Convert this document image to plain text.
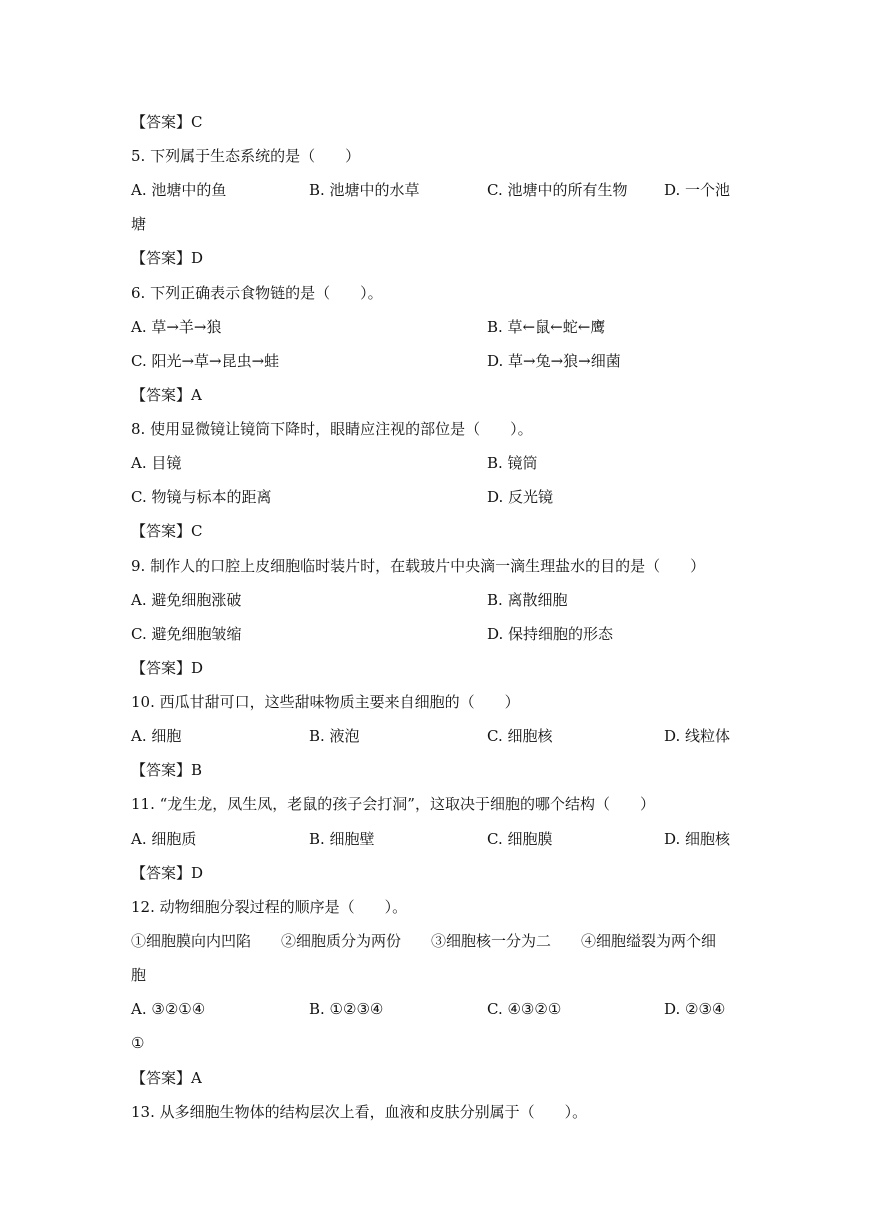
【答案】C
5. 下列属于生态系统的是（　　）
A. 池塘中的鱼	B. 池塘中的水草	C. 池塘中的所有生物 D. 一个池
塘
【答案】D
6. 下列正确表示食物链的是（　　）。
A. 草→羊→狼	B. 草←鼠←蛇←鹰
C. 阳光→草→昆虫→蛙	D. 草→兔→狼→细菌
【答案】A
8. 使用显微镜让镜筒下降时，眼睛应注视的部位是（　　）。
A. 目镜	B. 镜筒
C. 物镜与标本的距离	D. 反光镜
【答案】C
9. 制作人的口腔上皮细胞临时装片时，在载玻片中央滴一滴生理盐水的目的是（　　）
A. 避免细胞涨破	B. 离散细胞
C. 避免细胞皱缩	D. 保持细胞的形态
【答案】D
10. 西瓜甘甜可口，这些甜味物质主要来自细胞的（　　）
A. 细胞	B. 液泡	C. 细胞核	D. 线粒体
【答案】B
11. “龙生龙，凤生凤，老鼠的孩子会打洞”，这取决于细胞的哪个结构（　　）
A. 细胞质	B. 细胞壁	C. 细胞膜	D. 细胞核
【答案】D
12. 动物细胞分裂过程的顺序是（　　）。
①细胞膜向内凹陷　　②细胞质分为两份　　③细胞核一分为二　　④细胞缢裂为两个细
胞
A. ③②①④	B. ①②③④	C. ④③②①	D. ②③④
①
【答案】A
13. 从多细胞生物体的结构层次上看，血液和皮肤分别属于（　　）。
